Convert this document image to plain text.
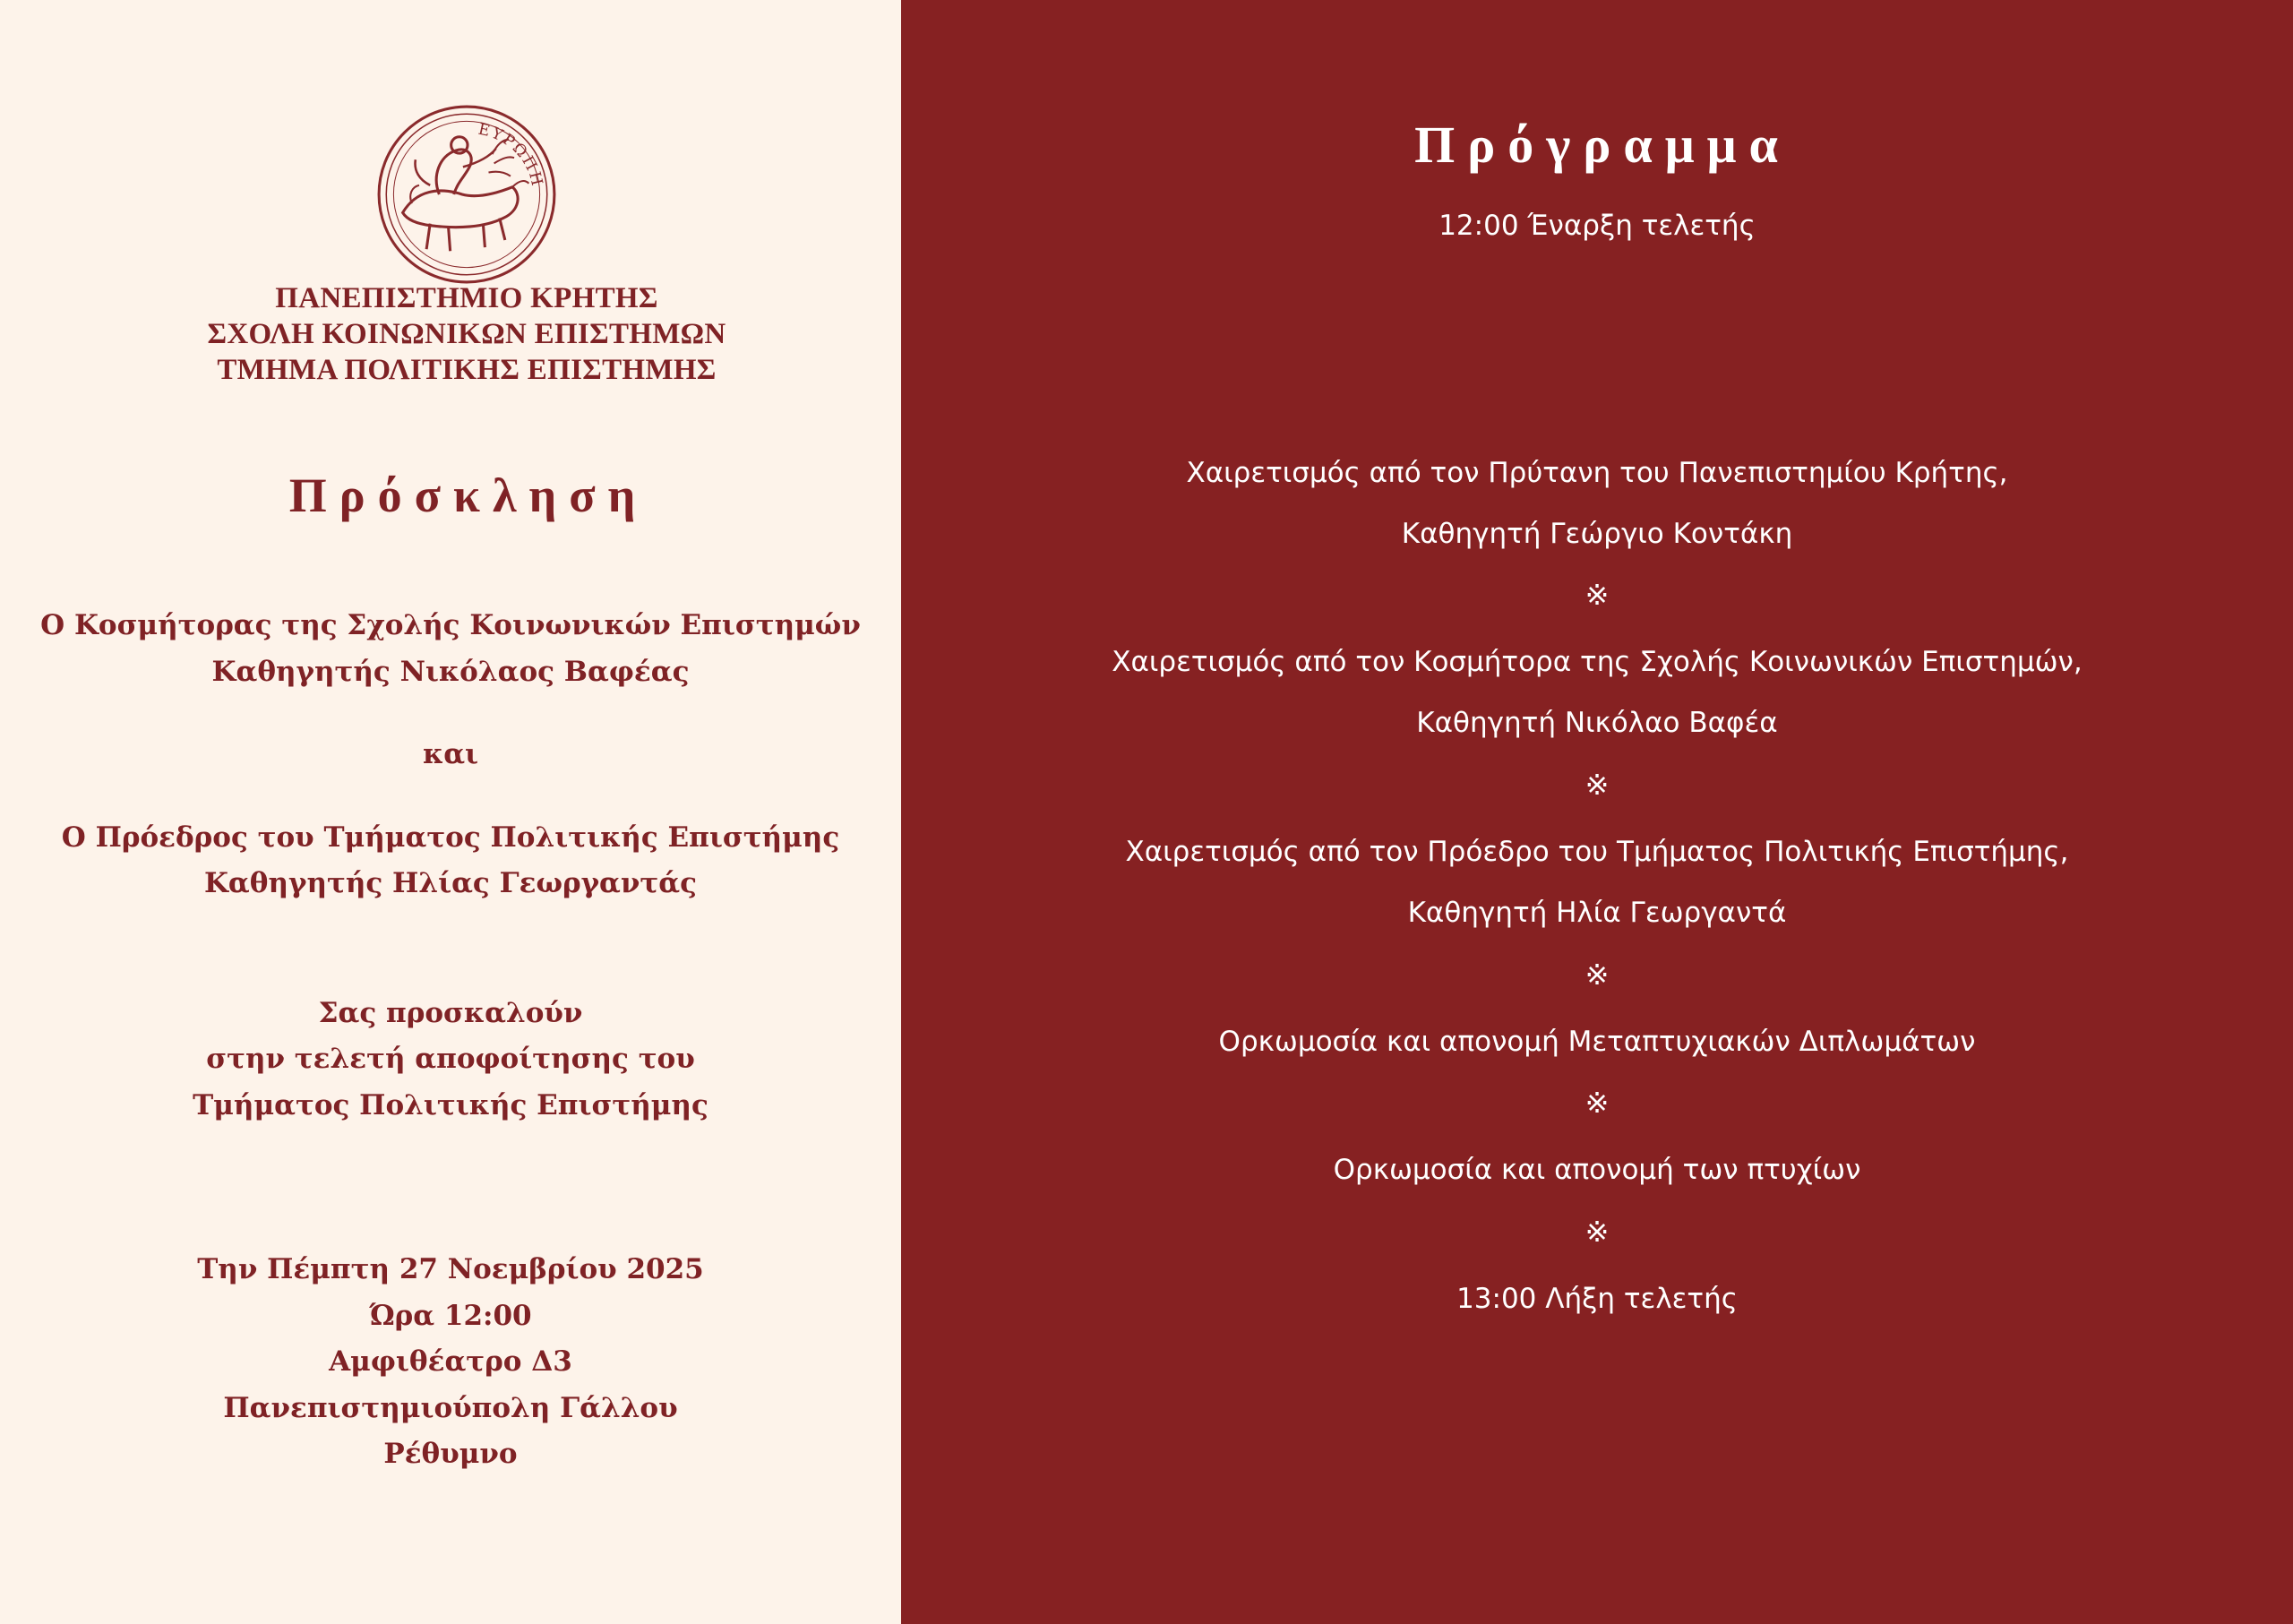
ΕΥΡΩΠΗ
ΠΑΝΕΠΙΣΤΗΜΙΟ ΚΡΗΤΗΣ
ΣΧΟΛΗ ΚΟΙΝΩΝΙΚΩΝ ΕΠΙΣΤΗΜΩΝ
ΤΜΗΜΑ ΠΟΛΙΤΙΚΗΣ ΕΠΙΣΤΗΜΗΣ
Πρόσκληση
Ο Κοσμήτορας της Σχολής Κοινωνικών Επιστημών
Καθηγητής Νικόλαος Βαφέας
και
Ο Πρόεδρος του Τμήματος Πολιτικής Επιστήμης
Καθηγητής Ηλίας Γεωργαντάς
Σας προσκαλούν
στην τελετή αποφοίτησης του
Τμήματος Πολιτικής Επιστήμης
Την Πέμπτη 27 Νοεμβρίου 2025
Ώρα 12:00
Αμφιθέατρο Δ3
Πανεπιστημιούπολη Γάλλου
Ρέθυμνο
Πρόγραμμα
12:00 Έναρξη τελετής
Χαιρετισμός από τον Πρύτανη του Πανεπιστημίου Κρήτης,
Καθηγητή Γεώργιο Κοντάκη
※
Χαιρετισμός από τον Κοσμήτορα της Σχολής Κοινωνικών Επιστημών,
Καθηγητή Νικόλαο Βαφέα
※
Χαιρετισμός από τον Πρόεδρο του Τμήματος Πολιτικής Επιστήμης,
Καθηγητή Ηλία Γεωργαντά
※
Ορκωμοσία και απονομή Μεταπτυχιακών Διπλωμάτων
※
Ορκωμοσία και απονομή των πτυχίων
※
13:00 Λήξη τελετής
